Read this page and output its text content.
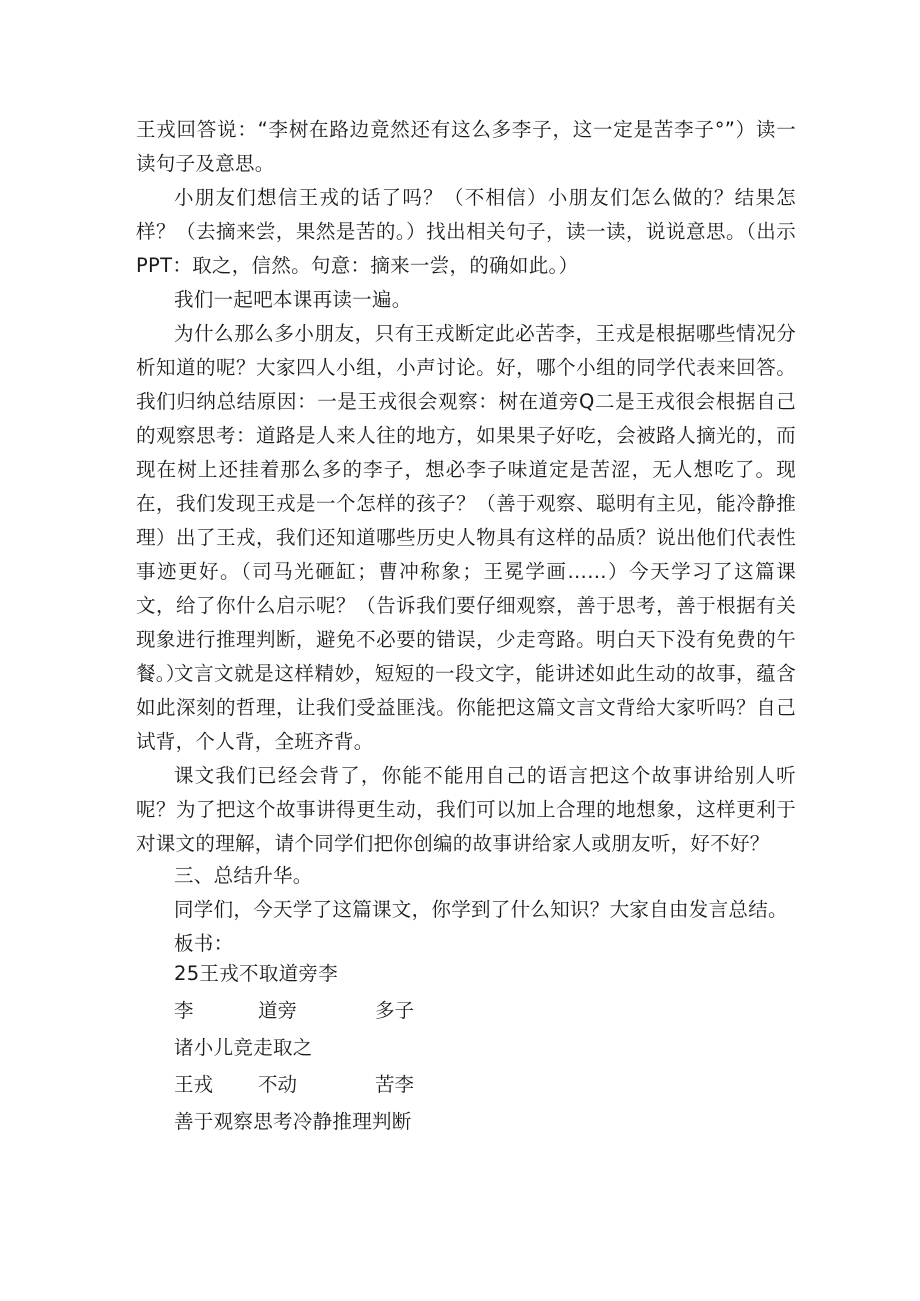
王戎回答说：“李树在路边竟然还有这么多李子，这一定是苦李子°”）读一读句子及意思。

小朋友们想信王戎的话了吗？（不相信）小朋友们怎么做的？结果怎样？（去摘来尝，果然是苦的。）找出相关句子，读一读，说说意思。（出示PPT：取之，信然。句意：摘来一尝，的确如此。）

我们一起吧本课再读一遍。

为什么那么多小朋友，只有王戎断定此必苦李，王戎是根据哪些情况分析知道的呢？大家四人小组，小声讨论。好，哪个小组的同学代表来回答。我们归纳总结原因：一是王戎很会观察：树在道旁Q二是王戎很会根据自己的观察思考：道路是人来人往的地方，如果果子好吃，会被路人摘光的，而现在树上还挂着那么多的李子，想必李子味道定是苦涩，无人想吃了。现在，我们发现王戎是一个怎样的孩子？（善于观察、聪明有主见，能冷静推理）出了王戎，我们还知道哪些历史人物具有这样的品质？说出他们代表性事迹更好。（司马光砸缸；曹冲称象；王冕学画……）今天学习了这篇课文，给了你什么启示呢？（告诉我们要仔细观察，善于思考，善于根据有关现象进行推理判断，避免不必要的错误，少走弯路。明白天下没有免费的午餐。）

文言文就是这样精妙，短短的一段文字，能讲述如此生动的故事，蕴含如此深刻的哲理，让我们受益匪浅。你能把这篇文言文背给大家听吗？自己试背，个人背，全班齐背。

课文我们已经会背了，你能不能用自己的语言把这个故事讲给别人听呢？为了把这个故事讲得更生动，我们可以加上合理的地想象，这样更利于对课文的理解，请个同学们把你创编的故事讲给家人或朋友听，好不好？

三、总结升华。

同学们，今天学了这篇课文，你学到了什么知识？大家自由发言总结。

板书：

25王戎不取道旁李

李	道旁	多子

诸小儿竞走取之

王戎 不动	苦李

善于观察思考冷静推理判断
